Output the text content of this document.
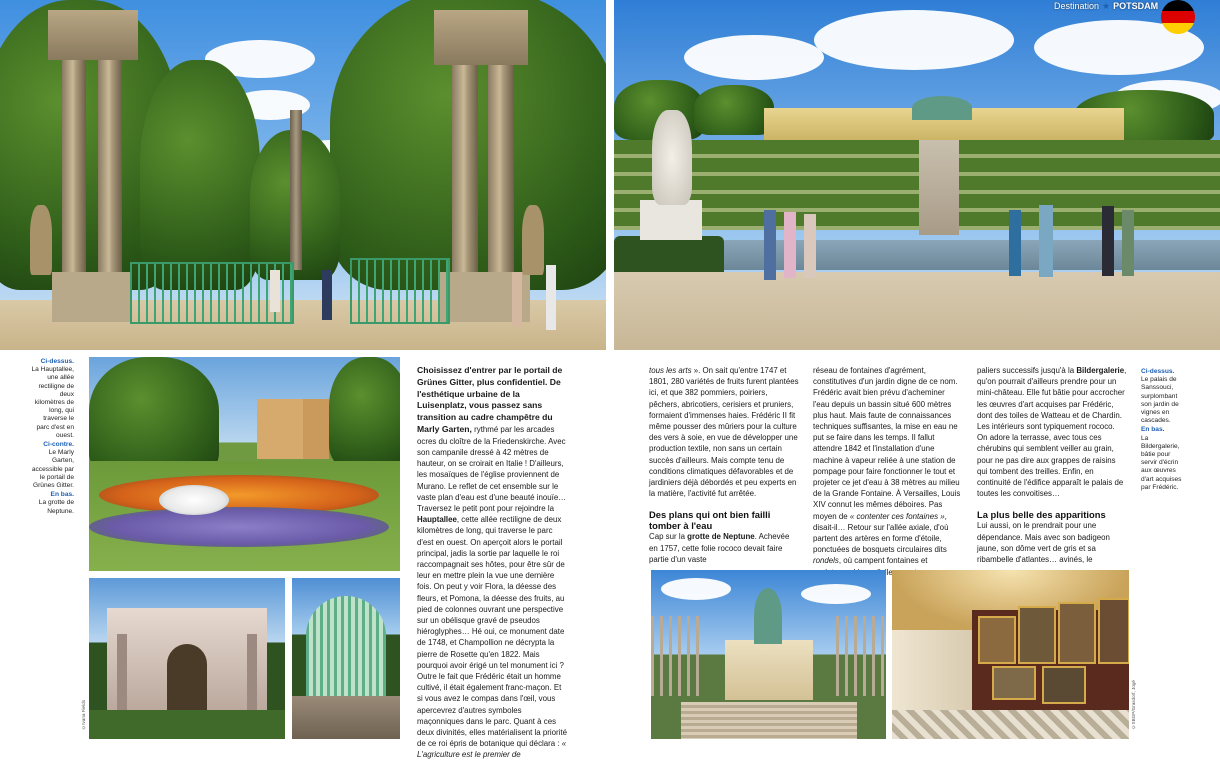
Destination ★ POTSDAM
Ci-dessus.
La Hauptallee, une allée rectiligne de deux kilomètres de long, qui traverse le parc d'est en ouest.
Ci-contre.
Le Marly Garten, accessible par le portail de Grünes Gitter.
En bas.
La grotte de Neptune.
©Ivana Fields
Choisissez d'entrer par le portail de Grünes Gitter, plus confidentiel. De l'esthétique urbaine de la Luisenplatz, vous passez sans transition au cadre champêtre du Marly Garten, rythmé par les arcades ocres du cloître de la Friedenskirche. Avec son campanile dressé à 42 mètres de hauteur, on se croirait en Italie ! D'ailleurs, les mosaïques de l'église proviennent de Murano. Le reflet de cet ensemble sur le vaste plan d'eau est d'une beauté inouïe… Traversez le petit pont pour rejoindre la Hauptallee, cette allée rectiligne de deux kilomètres de long, qui traverse le parc d'est en ouest. On aperçoit alors le portail principal, jadis la sortie par laquelle le roi raccompagnait ses hôtes, pour être sûr de leur en mettre plein la vue une dernière fois. On peut y voir Flora, la déesse des fleurs, et Pomona, la déesse des fruits, au pied de colonnes ouvrant une perspective sur un obélisque gravé de pseudos hiéroglyphes… Hé oui, ce monument date de 1748, et Champollion ne décrypta la pierre de Rosette qu'en 1822. Mais pourquoi avoir érigé un tel monument ici ? Outre le fait que Frédéric était un homme cultivé, il était également franc-maçon. Et si vous avez le compas dans l'œil, vous apercevrez d'autres symboles maçonniques dans le parc. Quant à ces deux divinités, elles matérialisent la priorité de ce roi épris de botanique qui déclara : « L'agriculture est le premier de
tous les arts ». On sait qu'entre 1747 et 1801, 280 variétés de fruits furent plantées ici, et que 382 pommiers, poiriers, pêchers, abricotiers, cerisiers et pruniers, formaient d'immenses haies. Frédéric II fit même pousser des mûriers pour la culture des vers à soie, en vue de développer une production textile, non sans un certain succès d'ailleurs. Mais compte tenu de conditions climatiques défavorables et de jardiniers déjà débordés et peu experts en la matière, l'activité fut arrêtée.
Des plans qui ont bien failli tomber à l'eau
Cap sur la grotte de Neptune. Achevée en 1757, cette folie rococo devait faire partie d'un vaste
réseau de fontaines d'agrément, constitutives d'un jardin digne de ce nom. Frédéric avait bien prévu d'acheminer l'eau depuis un bassin situé 600 mètres plus haut. Mais faute de connaissances techniques suffisantes, la mise en eau ne put se faire dans les temps. Il fallut attendre 1842 et l'installation d'une machine à vapeur reliée à une station de pompage pour faire fonctionner le tout et projeter ce jet d'eau à 38 mètres au milieu de la Grande Fontaine. À Versailles, Louis XIV connut les mêmes déboires. Pas moyen de « contenter ces fontaines », disait-il… Retour sur l'allée axiale, d'où partent des artères en forme d'étoile, ponctuées de bosquets circulaires dits rondels, où campent fontaines et
paliers successifs jusqu'à la Bildergalerie, qu'on pourrait d'ailleurs prendre pour un mini-château. Elle fut bâtie pour accrocher les œuvres d'art acquises par Frédéric, dont des toiles de Watteau et de Chardin. Les intérieurs sont typiquement rococo. On adore la terrasse, avec tous ces chérubins qui semblent veiller au grain, pour ne pas dire aux grappes de raisins qui tombent des treilles. Enfin, en continuité de l'édifice apparaît le palais de toutes les convoitises…
La plus belle des apparitions
Lui aussi, on le prendrait pour une dépendance. Mais avec son badigeon jaune, son dôme vert de gris et sa ribambelle d'atlantes… avinés, le
Ci-dessus.
Le palais de Sanssouci, surplombant son jardin de vignes en cascades.
En bas.
La Bildergalerie, bâtie pour servir d'écrin aux œuvres d'art acquises par Frédéric.
©SBGP/Grasdorf, Jogé
